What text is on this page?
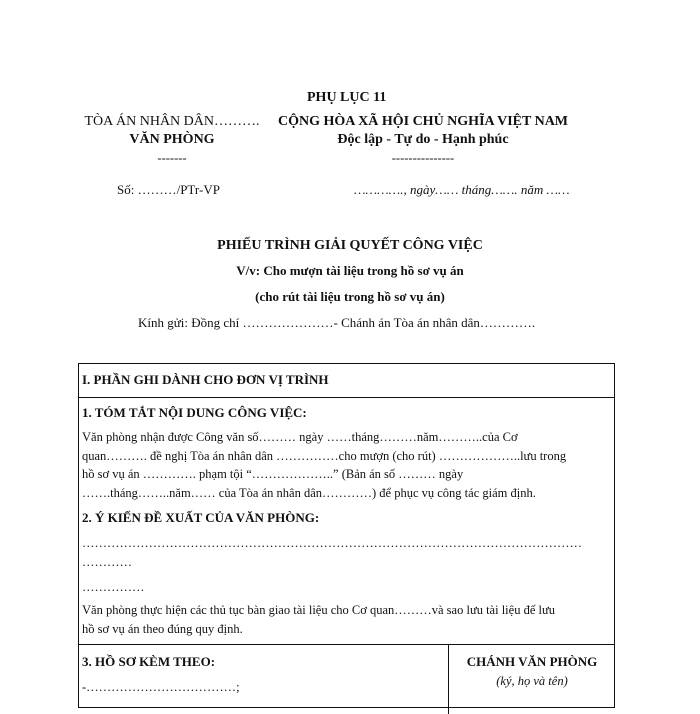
PHỤ LỤC 11
TÒA ÁN NHÂN DÂN……….
VĂN PHÒNG
-------
CỘNG HÒA XÃ HỘI CHỦ NGHĨA VIỆT NAM
Độc lập - Tự do - Hạnh phúc
---------------
Số: ………/PTr-VP	…………., ngày…… tháng……. năm ……
PHIẾU TRÌNH GIẢI QUYẾT CÔNG VIỆC
V/v: Cho mượn tài liệu trong hồ sơ vụ án
(cho rút tài liệu trong hồ sơ vụ án)
Kính gửi: Đồng chí …………………- Chánh án Tòa án nhân dân………….
I. PHẦN GHI DÀNH CHO ĐƠN VỊ TRÌNH
1. TÓM TẮT NỘI DUNG CÔNG VIỆC:
Văn phòng nhận được Công văn số……… ngày ……tháng………năm………..của Cơ
quan………. đề nghị Tòa án nhân dân ……………cho mượn (cho rút) ………………..lưu trong
hồ sơ vụ án …………. phạm tội “………………..” (Bản án số ……… ngày
…….tháng……..năm…… của Tòa án nhân dân…………) để phục vụ công tác giám định.
2. Ý KIẾN ĐỀ XUẤT CỦA VĂN PHÒNG:
…………………………………………………………………………………………………………
…………
……………
Văn phòng thực hiện các thủ tục bàn giao tài liệu cho Cơ quan………và sao lưu tài liệu để lưu
hồ sơ vụ án theo đúng quy định.
3. HỒ SƠ KÈM THEO:
-………………………………;
CHÁNH VĂN PHÒNG
(ký, họ và tên)
